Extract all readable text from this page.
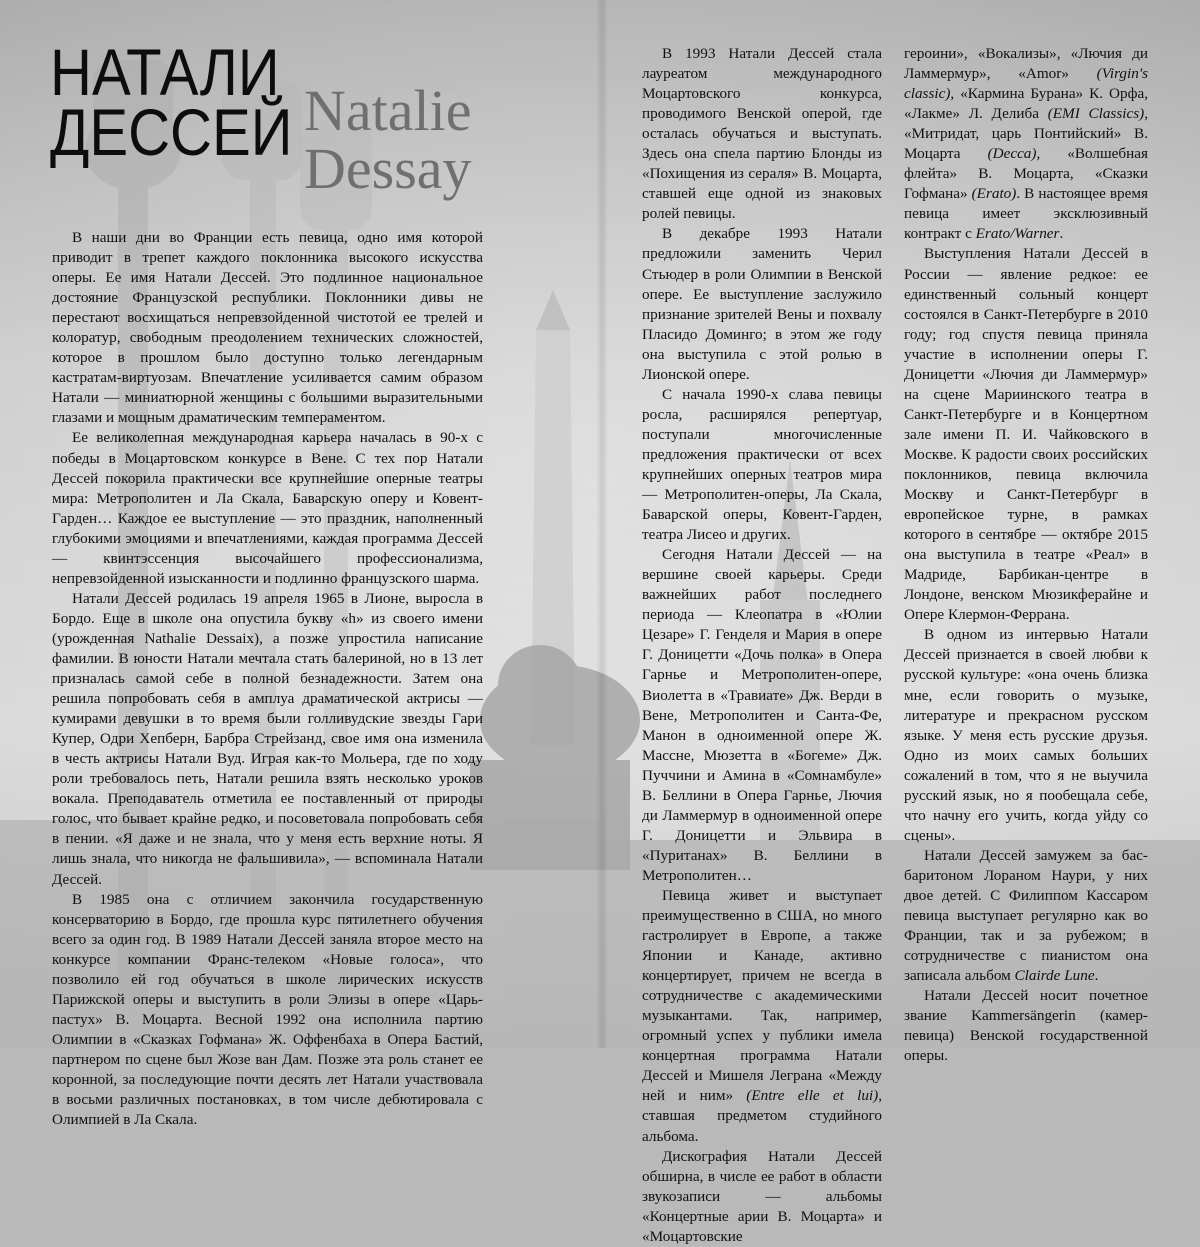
Natalie
Dessay
НАТАЛИ
ДЕССЕЙ

В наши дни во Франции есть певица, одно имя которой приводит в трепет каждого поклонника высокого искусства оперы. Ее имя Натали Дессей. Это подлинное национальное достояние Французской республики. Поклонники дивы не перестают восхищаться непревзойденной чистотой ее трелей и колоратур, свободным преодолением технических сложностей, которое в прошлом было доступно только легендарным кастратам-виртуозам. Впечатление усиливается самим образом Натали — миниатюрной женщины с большими выразительными глазами и мощным драматическим темпераментом.

Ее великолепная международная карьера началась в 90-х с победы в Моцартовском конкурсе в Вене. С тех пор Натали Дессей покорила практически все крупнейшие оперные театры мира: Метрополитен и Ла Скала, Баварскую оперу и Ковент-Гарден… Каждое ее выступление — это праздник, наполненный глубокими эмоциями и впечатлениями, каждая программа Дессей — квинтэссенция высочайшего профессионализма, непревзойденной изысканности и подлинно французского шарма.

Натали Дессей родилась 19 апреля 1965 в Лионе, выросла в Бордо. Еще в школе она опустила букву «h» из своего имени (урожденная Nathalie Dessaix), а позже упростила написание фамилии. В юности Натали мечтала стать балериной, но в 13 лет призналась самой себе в полной безнадежности. Затем она решила попробовать себя в амплуа драматической актрисы — кумирами девушки в то время были голливудские звезды Гари Купер, Одри Хепберн, Барбра Стрейзанд, свое имя она изменила в честь актрисы Натали Вуд. Играя как-то Мольера, где по ходу роли требовалось петь, Натали решила взять несколько уроков вокала. Преподаватель отметила ее поставленный от природы голос, что бывает крайне редко, и посоветовала попробовать себя в пении. «Я даже и не знала, что у меня есть верхние ноты. Я лишь знала, что никогда не фальшивила», — вспоминала Натали Дессей.

В 1985 она с отличием закончила государственную консерваторию в Бордо, где прошла курс пятилетнего обучения всего за один год. В 1989 Натали Дессей заняла второе место на конкурсе компании Франс-телеком «Новые голоса», что позволило ей год обучаться в школе лирических искусств Парижской оперы и выступить в роли Элизы в опере «Царь-пастух» В. Моцарта. Весной 1992 она исполнила партию Олимпии в «Сказках Гофмана» Ж. Оффенбаха в Опера Бастий, партнером по сцене был Жозе ван Дам. Позже эта роль станет ее коронной, за последующие почти десять лет Натали участвовала в восьми различных постановках, в том числе дебютировала с Олимпией в Ла Скала.

В 1993 Натали Дессей стала лауреатом международного Моцартовского конкурса, проводимого Венской оперой, где осталась обучаться и выступать. Здесь она спела партию Блонды из «Похищения из сераля» В. Моцарта, ставшей еще одной из знаковых ролей певицы.

В декабре 1993 Натали предложили заменить Черил Стьюдер в роли Олимпии в Венской опере. Ее выступление заслужило признание зрителей Вены и похвалу Пласидо Доминго; в этом же году она выступила с этой ролью в Лионской опере.

С начала 1990-х слава певицы росла, расширялся репертуар, поступали многочисленные предложения практически от всех крупнейших оперных театров мира — Метрополитен-оперы, Ла Скала, Баварской оперы, Ковент-Гарден, театра Лисео и других.

Сегодня Натали Дессей — на вершине своей карьеры. Среди важнейших работ последнего периода — Клеопатра в «Юлии Цезаре» Г. Генделя и Мария в опере Г. Доницетти «Дочь полка» в Опера Гарнье и Метрополитен-опере, Виолетта в «Травиате» Дж. Верди в Вене, Метрополитен и Санта-Фе, Манон в одноименной опере Ж. Массне, Мюзетта в «Богеме» Дж. Пуччини и Амина в «Сомнамбуле» В. Беллини в Опера Гарнье, Лючия ди Ламмермур в одноименной опере Г. Доницетти и Эльвира в «Пуританах» В. Беллини в Метрополитен…

Певица живет и выступает преимущественно в США, но много гастролирует в Европе, а также Японии и Канаде, активно концертирует, причем не всегда в сотрудничестве с академическими музыкантами. Так, например, огромный успех у публики имела концертная программа Натали Дессей и Мишеля Леграна «Между ней и ним» (Entre elle et lui), ставшая предметом студийного альбома.

Дискография Натали Дессей обширна, в числе ее работ в области звукозаписи — альбомы «Концертные арии В. Моцарта» и «Моцартовские

героини», «Вокализы», «Лючия ди Ламмермур», «Amor» (Virgin's classic), «Кармина Бурана» К. Орфа, «Лакме» Л. Делиба (EMI Classics), «Митридат, царь Понтийский» В. Моцарта (Decca), «Волшебная флейта» В. Моцарта, «Сказки Гофмана» (Erato). В настоящее время певица имеет эксклюзивный контракт с Erato/Warner.

Выступления Натали Дессей в России — явление редкое: ее единственный сольный концерт состоялся в Санкт-Петербурге в 2010 году; год спустя певица приняла участие в исполнении оперы Г. Доницетти «Лючия ди Ламмермур» на сцене Мариинского театра в Санкт-Петербурге и в Концертном зале имени П. И. Чайковского в Москве. К радости своих российских поклонников, певица включила Москву и Санкт-Петербург в европейское турне, в рамках которого в сентябре — октябре 2015 она выступила в театре «Реал» в Мадриде, Барбикан-центре в Лондоне, венском Мюзикферайне и Опере Клермон-Феррана.

В одном из интервью Натали Дессей признается в своей любви к русской культуре: «она очень близка мне, если говорить о музыке, литературе и прекрасном русском языке. У меня есть русские друзья. Одно из моих самых больших сожалений в том, что я не выучила русский язык, но я пообещала себе, что начну его учить, когда уйду со сцены».

Натали Дессей замужем за бас-баритоном Лораном Наури, у них двое детей. С Филиппом Кассаром певица выступает регулярно как во Франции, так и за рубежом; в сотрудничестве с пианистом она записала альбом Clairde Lune.

Натали Дессей носит почетное звание Kammersängerin (камер-певица) Венской государственной оперы.
